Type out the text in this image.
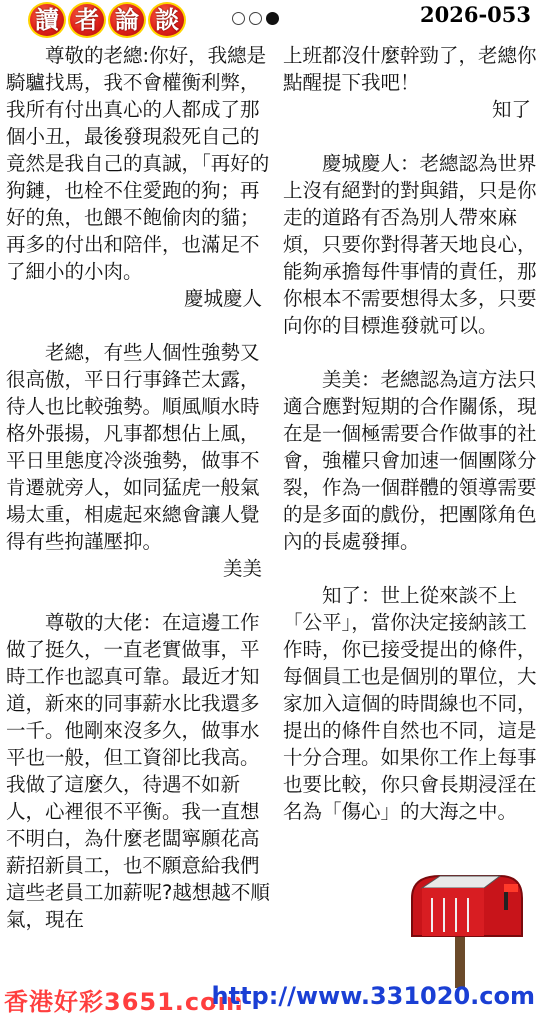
讀 者 論 談	2026-053

尊敬的老總:你好，我總是騎驢找馬，我不會權衡利弊，我所有付出真心的人都成了那個小丑，最後發現殺死自己的竟然是我自己的真誠，「再好的狗鏈，也栓不住愛跑的狗；再好的魚，也餵不飽偷肉的貓；再多的付出和陪伴，也滿足不了細小的小肉。

慶城慶人

老總，有些人個性強勢又很高傲，平日行事鋒芒太露，待人也比較強勢。順風順水時格外張揚，凡事都想佔上風，平日里態度冷淡強勢，做事不肯遷就旁人，如同猛虎一般氣場太重，相處起來總會讓人覺得有些拘謹壓抑。

美美

尊敬的大佬：在這邊工作做了挺久，一直老實做事，平時工作也認真可靠。最近才知道，新來的同事薪水比我還多一千。他剛來沒多久，做事水平也一般，但工資卻比我高。我做了這麼久，待遇不如新人，心裡很不平衡。我一直想不明白，為什麼老闆寧願花高薪招新員工，也不願意給我們這些老員工加薪呢?越想越不順氣，現在

上班都沒什麼幹勁了，老總你點醒提下我吧！

知了

慶城慶人：老總認為世界上沒有絕對的對與錯，只是你走的道路有否為別人帶來麻煩，只要你對得著天地良心，能夠承擔每件事情的責任，那你根本不需要想得太多，只要向你的目標進發就可以。

美美：老總認為這方法只適合應對短期的合作關係，現在是一個極需要合作做事的社會，強權只會加速一個團隊分裂，作為一個群體的領導需要的是多面的戲份，把團隊角色內的長處發揮。

知了：世上從來談不上「公平」，當你決定接納該工作時，你已接受提出的條件，每個員工也是個別的單位，大家加入這個的時間線也不同，提出的條件自然也不同，這是十分合理。如果你工作上每事也要比較，你只會長期浸淫在名為「傷心」的大海之中。

香港好彩3651.com
http://www.331020.com
